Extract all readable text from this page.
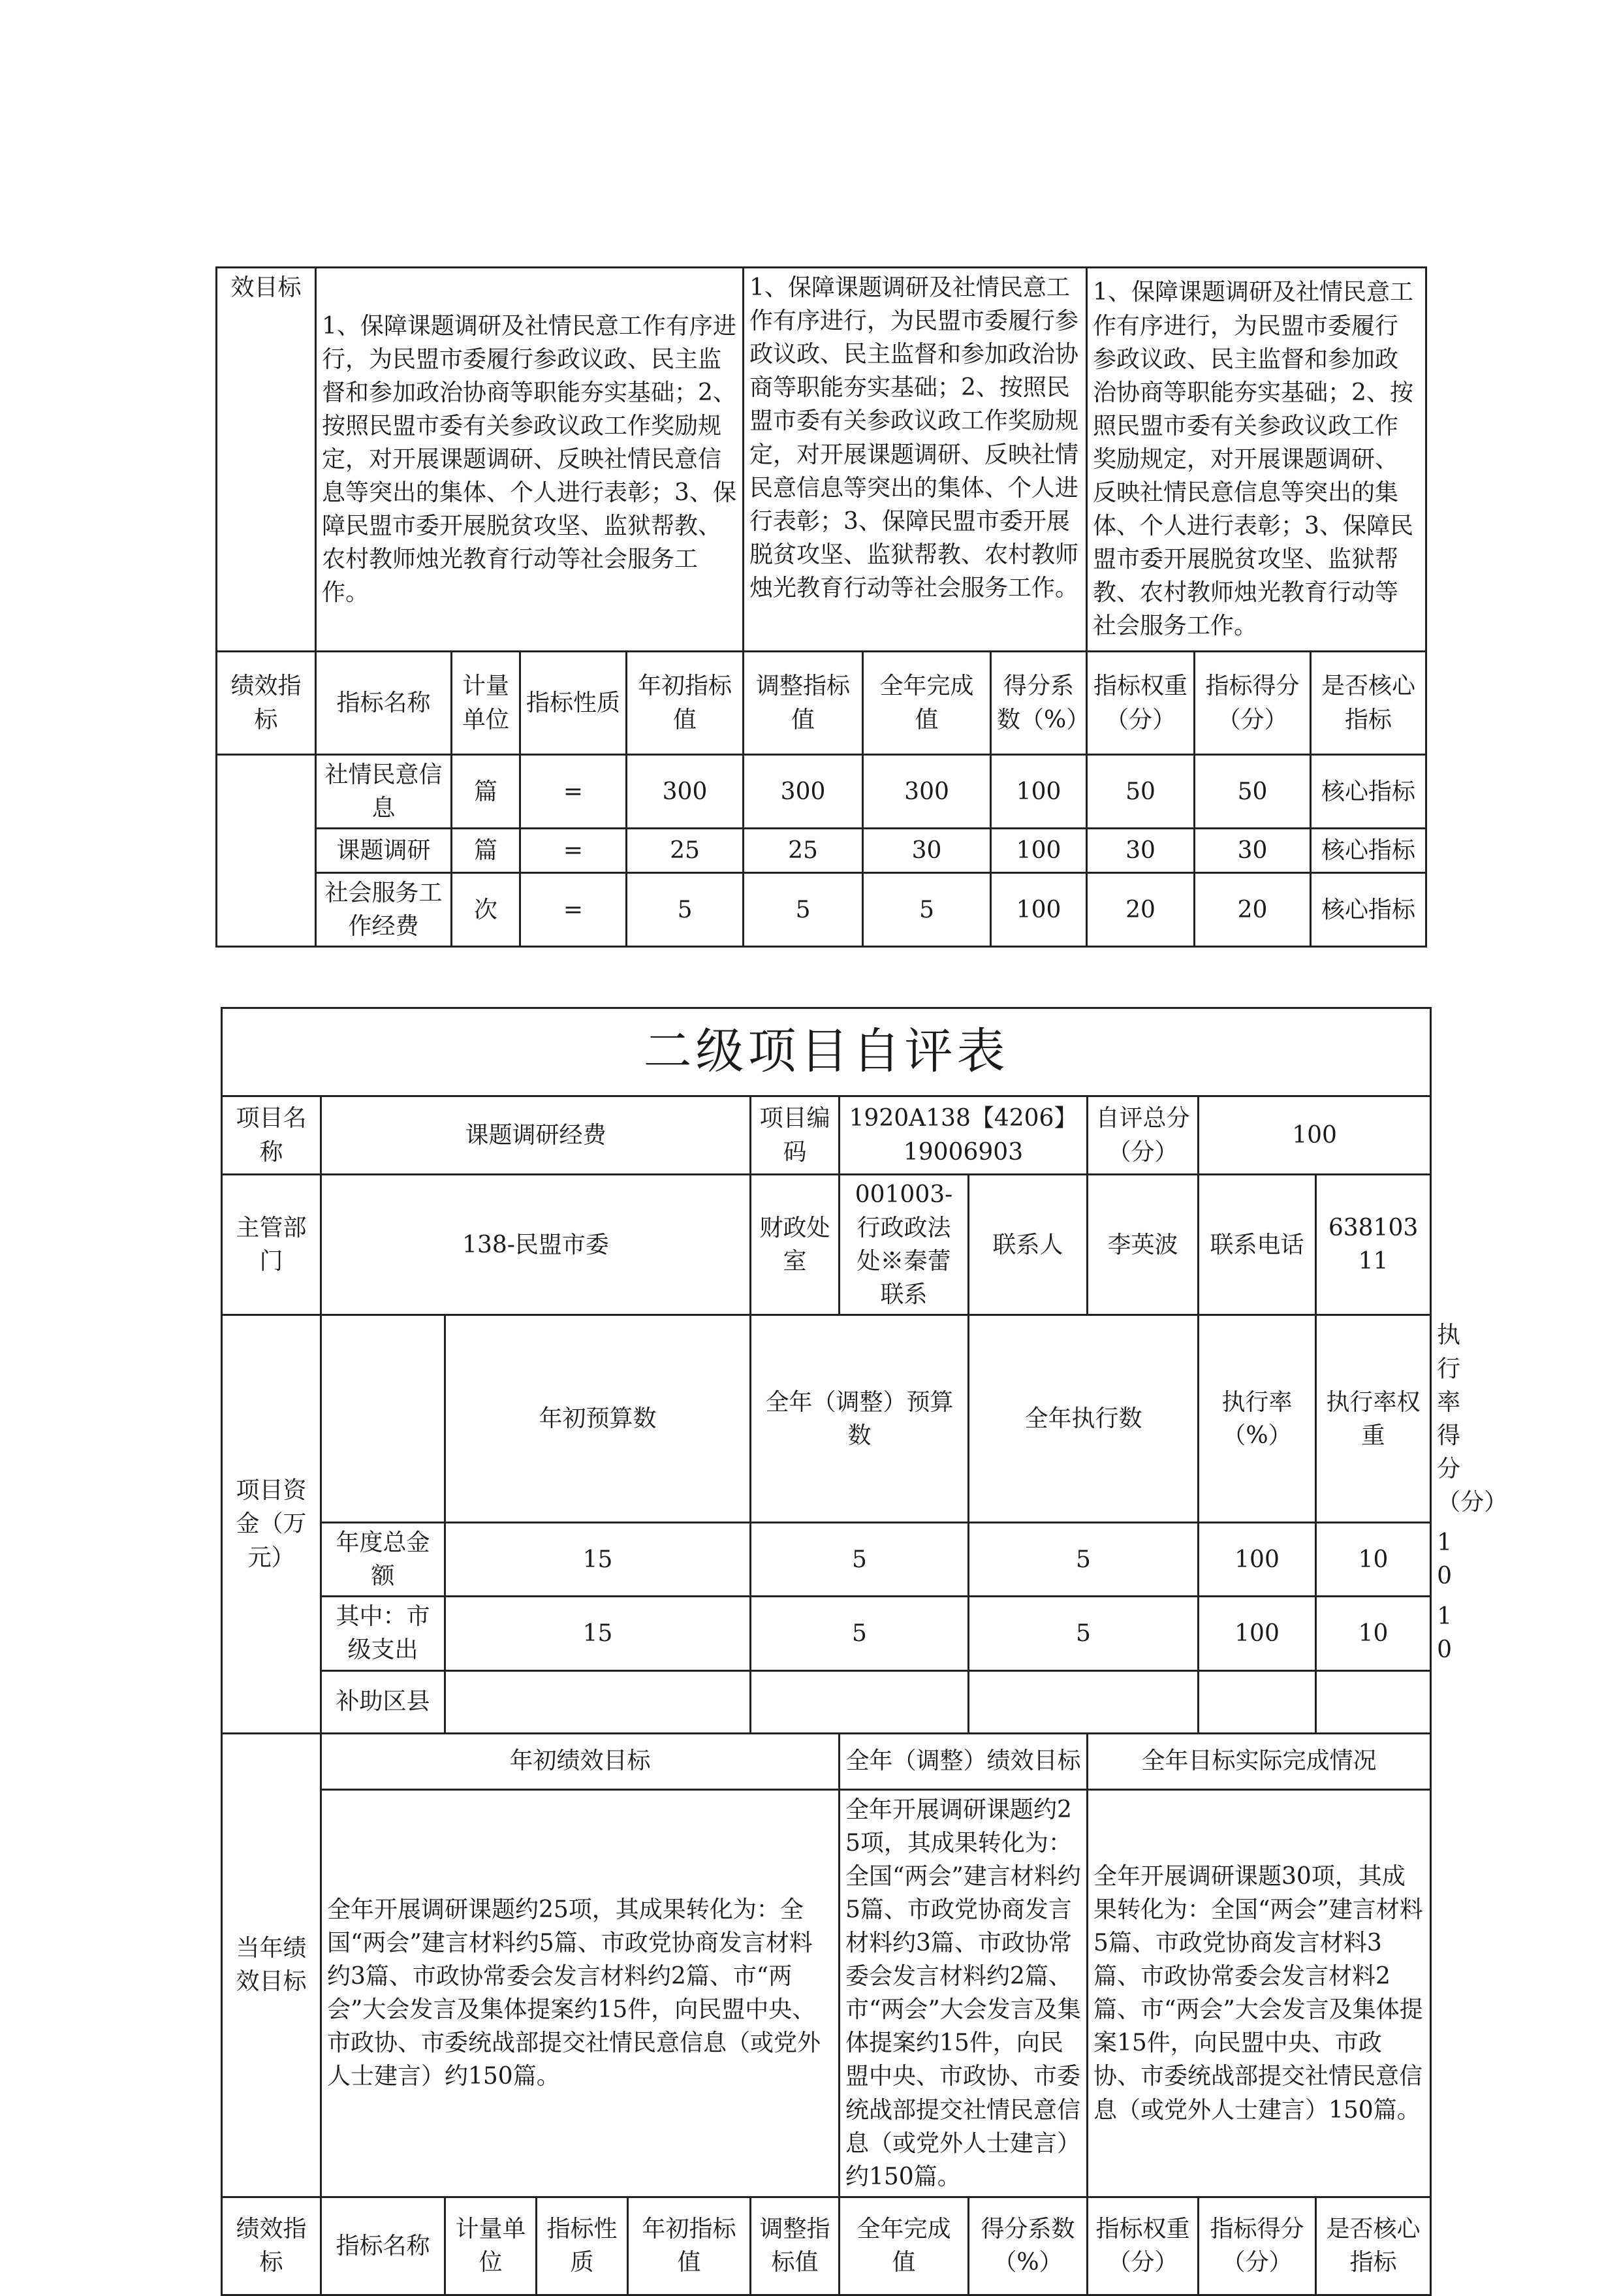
效目标	1、保障课题调研及社情民意工作有序进行，为民盟市委履行参政议政、民主监督和参加政治协商等职能夯实基础；2、按照民盟市委有关参政议政工作奖励规定，对开展课题调研、反映社情民意信息等突出的集体、个人进行表彰；3、保障民盟市委开展脱贫攻坚、监狱帮教、农村教师烛光教育行动等社会服务工作。				1、保障课题调研及社情民意工作有序进行，为民盟市委履行参政议政、民主监督和参加政治协商等职能夯实基础；2、按照民盟市委有关参政议政工作奖励规定，对开展课题调研、反映社情民意信息等突出的集体、个人进行表彰；3、保障民盟市委开展脱贫攻坚、监狱帮教、农村教师烛光教育行动等社会服务工作。			1、保障课题调研及社情民意工作有序进行，为民盟市委履行参政议政、民主监督和参加政治协商等职能夯实基础；2、按照民盟市委有关参政议政工作奖励规定，对开展课题调研、反映社情民意信息等突出的集体、个人进行表彰；3、保障民盟市委开展脱贫攻坚、监狱帮教、农村教师烛光教育行动等社会服务工作。		
绩效指标	指标名称	计量单位	指标性质	年初指标值	调整指标值	全年完成值	得分系数（%）	指标权重（分）	指标得分（分）	是否核心指标
	社情民意信息	篇	=	300	300	300	100	50	50	核心指标
	课题调研	篇	=	25	25	30	100	30	30	核心指标
	社会服务工作经费	次	=	5	5	5	100	20	20	核心指标
二级项目自评表											
项目名称	课题调研经费				项目编码	1920A138【4206】19006903		自评总分（分）	100		
主管部门	138-民盟市委				财政处室	001003-行政政法处※秦蕾联系	联系人	李英波	联系电话	63810311	
项目资金（万元）		年初预算数			全年（调整）预算数		全年执行数		执行率（%）	执行率权重	执行率得分（分）
	年度总金额	15			5		5		100	10	10
	其中：市级支出	15			5		5		100	10	10
	补助区县										
当年绩效目标	年初绩效目标					全年（调整）绩效目标		全年目标实际完成情况			
	全年开展调研课题约25项，其成果转化为：全国“两会”建言材料约5篇、市政党协商发言材料约3篇、市政协常委会发言材料约2篇、市“两会”大会发言及集体提案约15件，向民盟中央、市政协、市委统战部提交社情民意信息（或党外人士建言）约150篇。					全年开展调研课题约25项，其成果转化为：全国“两会”建言材料约5篇、市政党协商发言材料约3篇、市政协常委会发言材料约2篇、市“两会”大会发言及集体提案约15件，向民盟中央、市政协、市委统战部提交社情民意信息（或党外人士建言）约150篇。		全年开展调研课题30项，其成果转化为：全国“两会”建言材料5篇、市政党协商发言材料3篇、市政协常委会发言材料2篇、市“两会”大会发言及集体提案15件，向民盟中央、市政协、市委统战部提交社情民意信息（或党外人士建言）150篇。			
绩效指标	指标名称	计量单位	指标性质	年初指标值	调整指标值	全年完成值	得分系数（%）	指标权重（分）	指标得分（分）	是否核心指标	
